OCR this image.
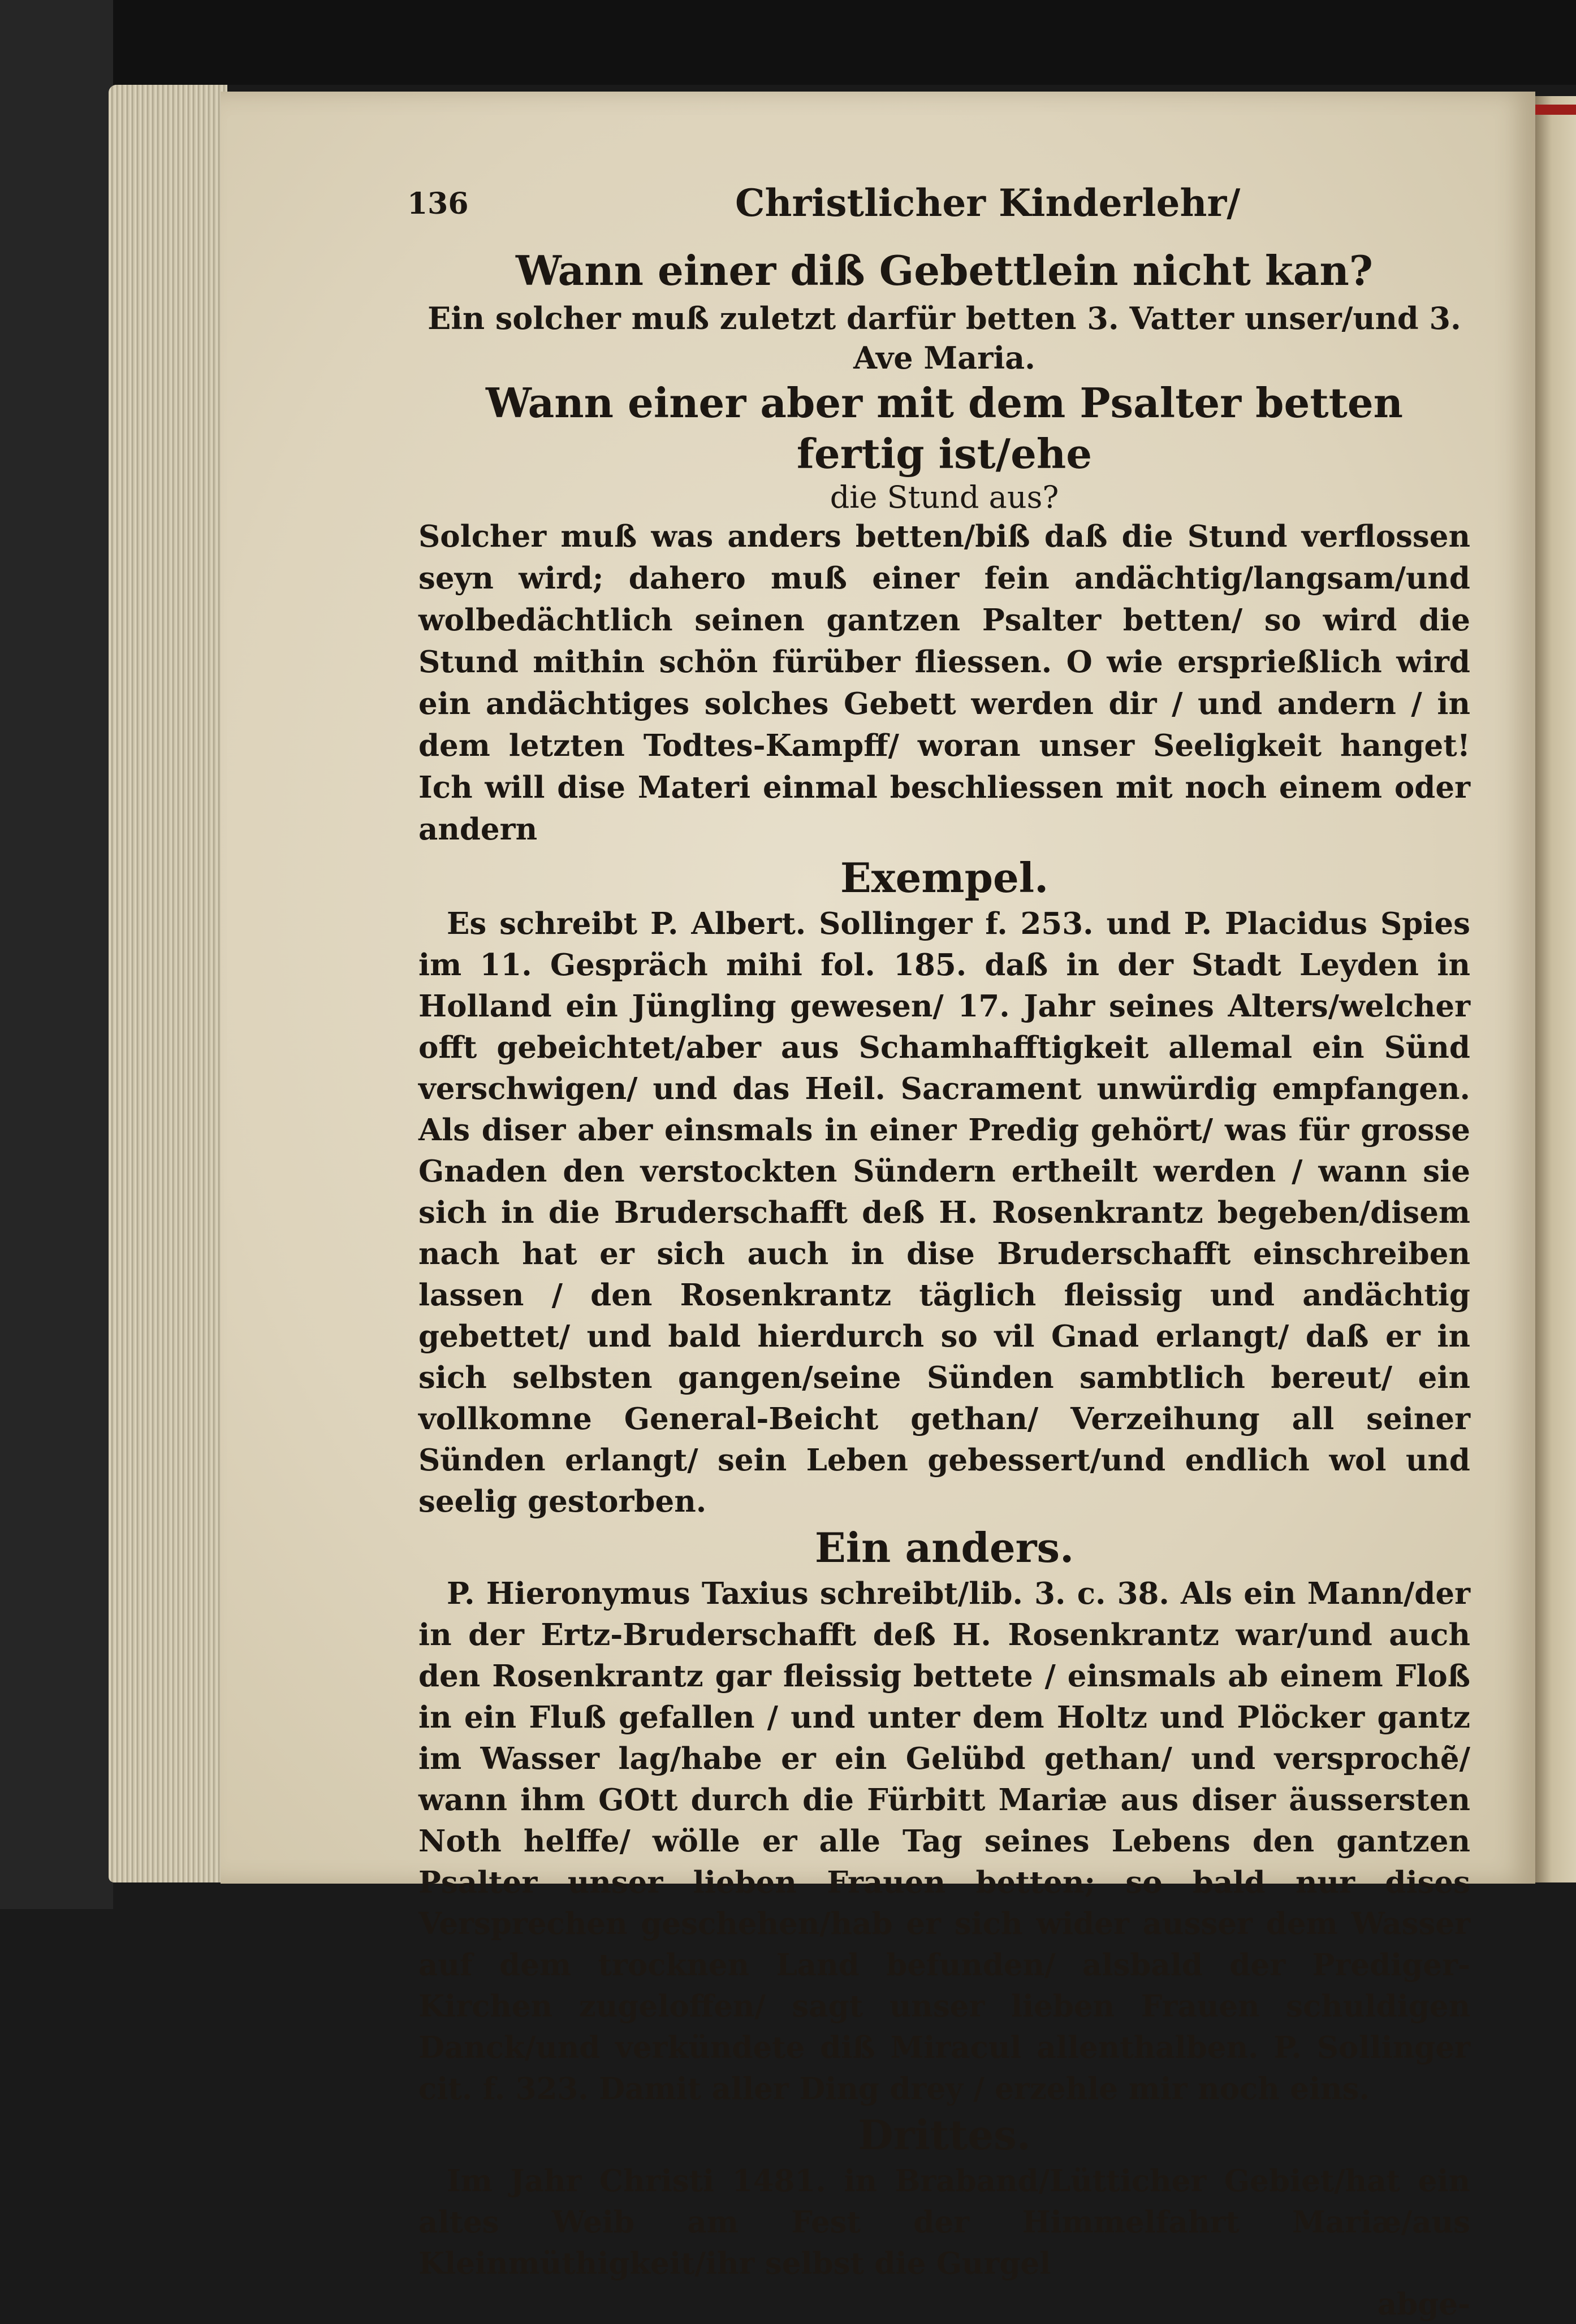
136	Christlicher Kinderlehr/
Wann einer diß Gebettlein nicht kan?

Ein solcher muß zuletzt darfür betten 3. Vatter unser/und 3. Ave Maria.

Wann einer aber mit dem Psalter betten fertig ist/ehe
die Stund aus?

Solcher muß was anders betten/biß daß die Stund verflossen seyn wird; dahero muß einer fein andächtig/langsam/und wolbedächtlich seinen gantzen Psalter betten/ so wird die Stund mithin schön fürüber fliessen. O wie ersprießlich wird ein andächtiges solches Gebett werden dir / und andern / in dem letzten Todtes-Kampff/ woran unser Seeligkeit hanget! Ich will dise Materi einmal beschliessen mit noch einem oder andern

Exempel.

Es schreibt P. Albert. Sollinger f. 253. und P. Placidus Spies im 11. Gespräch mihi fol. 185. daß in der Stadt Leyden in Holland ein Jüngling gewesen/ 17. Jahr seines Alters/welcher offt gebeichtet/aber aus Schamhafftigkeit allemal ein Sünd verschwigen/ und das Heil. Sacrament unwürdig empfangen. Als diser aber einsmals in einer Predig gehört/ was für grosse Gnaden den verstockten Sündern ertheilt werden / wann sie sich in die Bruderschafft deß H. Rosenkrantz begeben/disem nach hat er sich auch in dise Bruderschafft einschreiben lassen / den Rosenkrantz täglich fleissig und andächtig gebettet/ und bald hierdurch so vil Gnad erlangt/ daß er in sich selbsten gangen/seine Sünden sambtlich bereut/ ein vollkomne General-Beicht gethan/ Verzeihung all seiner Sünden erlangt/ sein Leben gebessert/und endlich wol und seelig gestorben.

Ein anders.

P. Hieronymus Taxius schreibt/lib. 3. c. 38. Als ein Mann/der in der Ertz-Bruderschafft deß H. Rosenkrantz war/und auch den Rosenkrantz gar fleissig bettete / einsmals ab einem Floß in ein Fluß gefallen / und unter dem Holtz und Plöcker gantz im Wasser lag/habe er ein Gelübd gethan/ und versprochẽ/ wann ihm GOtt durch die Fürbitt Mariæ aus diser äussersten Noth helffe/ wölle er alle Tag seines Lebens den gantzen Psalter unser lieben Frauen betten; so bald nur dises Versprechen geschehen/hab er sich wider ausser dem Wasser auf dem trocknen Land befunden/ alsbald der Prediger-Kirchen zugeloffen/ sagt unser lieben Frauen schuldigen Danck/und verkündete diß Miracul allenthalben. P. Sollinger cit. f. 323. Damit aller Ding drey / erzehle mir noch eins.

Drittes.

Im Jahr Christi 1481. in Braband/Lütticher Gebiet/hat ein altes Weib am Fest der Himmelfahrt Mariæ/aus Kleinmüthigkeit/ihr selbst die Gurgel

abge-
